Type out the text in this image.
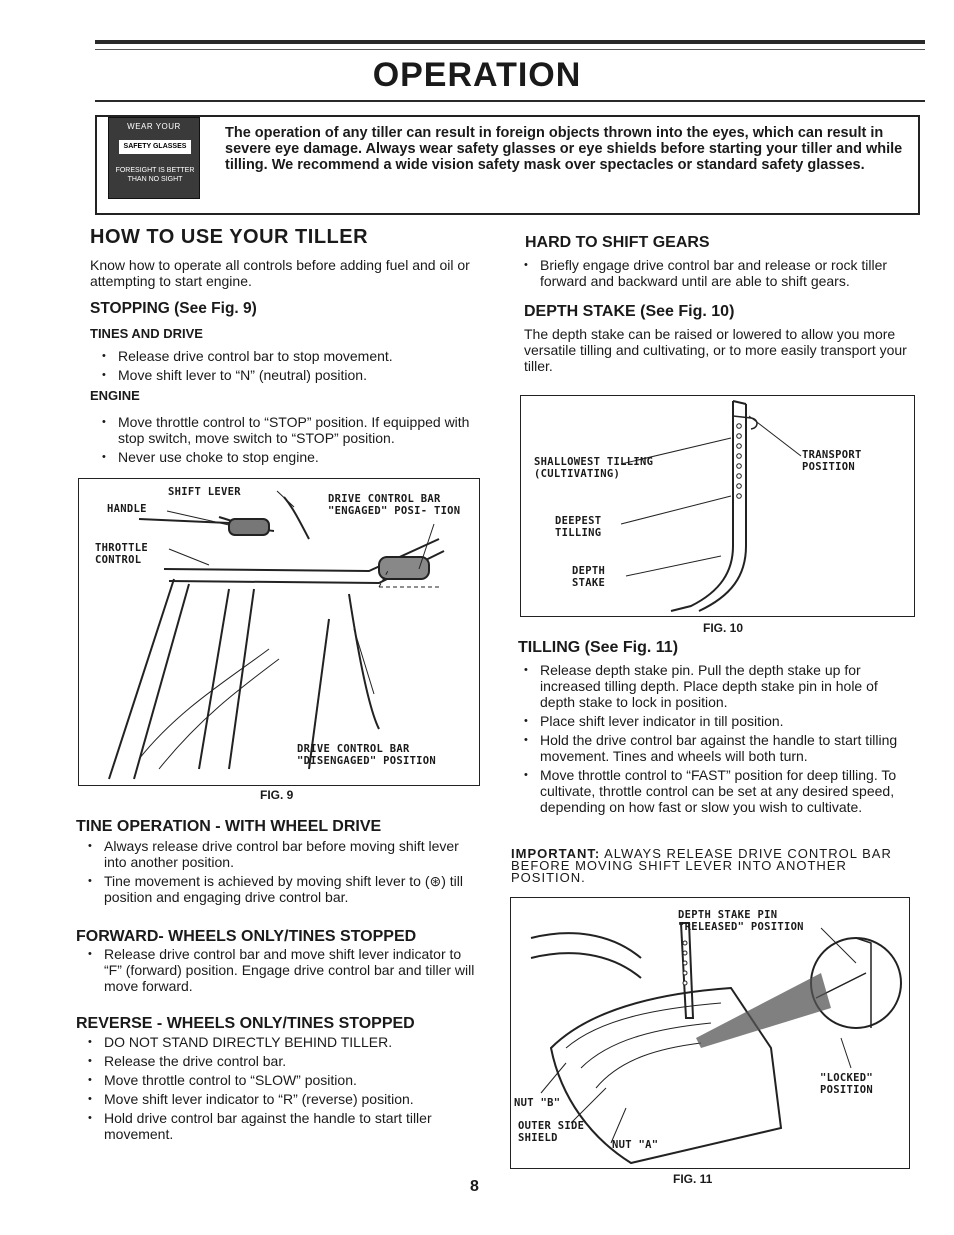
OPERATION
WEAR YOUR
SAFETY GLASSES
FORESIGHT IS BETTER THAN NO SIGHT
The operation of any tiller can result in foreign objects thrown into the eyes, which can result in severe eye damage. Always wear safety glasses or eye shields before starting your tiller and while tilling. We recommend a wide vision safety mask over spectacles or standard safety glasses.
HOW TO USE YOUR TILLER
Know how to operate all controls before adding fuel and oil or attempting to start engine.
STOPPING (See Fig. 9)
TINES AND DRIVE
• Release drive control bar to stop movement.
• Move shift lever to “N” (neutral) position.
ENGINE
• Move throttle control to “STOP” position. If equipped with stop switch, move switch to “STOP” position.
• Never use choke to stop engine.
SHIFT LEVER
HANDLE
DRIVE CONTROL BAR "ENGAGED" POSI- TION
THROTTLE CONTROL
DRIVE CONTROL BAR "DISENGAGED" POSITION
FIG. 9
TINE OPERATION - WITH WHEEL DRIVE
• Always release drive control bar before moving shift lever into another position.
• Tine movement is achieved by moving shift lever to (⊛) till position and engaging drive control bar.
FORWARD- WHEELS ONLY/TINES STOPPED
• Release drive control bar and move shift lever indicator to “F” (forward) position. Engage drive control bar and tiller will move forward.
REVERSE - WHEELS ONLY/TINES STOPPED
• DO NOT STAND DIRECTLY BEHIND TILLER.
• Release the drive control bar.
• Move throttle control to “SLOW” position.
• Move shift lever indicator to “R” (reverse) position.
• Hold drive control bar against the handle to start tiller movement.
HARD TO SHIFT GEARS
• Briefly engage drive control bar and release or rock tiller forward and backward until are able to shift gears.
DEPTH STAKE (See Fig. 10)
The depth stake can be raised or lowered to allow you more versatile tilling and cultivating, or to more easily transport your tiller.
SHALLOWEST TILLING (CULTIVATING)
TRANSPORT POSITION
DEEPEST TILLING
DEPTH STAKE
FIG. 10
TILLING (See Fig. 11)
• Release depth stake pin. Pull the depth stake up for increased tilling depth. Place depth stake pin in hole of depth stake to lock in position.
• Place shift lever indicator in till position.
• Hold the drive control bar against the handle to start tilling movement. Tines and wheels will both turn.
• Move throttle control to “FAST” position for deep tilling. To cultivate, throttle control can be set at any desired speed, depending on how fast or slow you wish to cultivate.
IMPORTANT: ALWAYS RELEASE DRIVE CONTROL BAR BEFORE MOVING SHIFT LEVER INTO ANOTHER POSITION.
DEPTH STAKE PIN "RELEASED" POSITION
"LOCKED" POSITION
NUT "B"
OUTER SIDE SHIELD
NUT "A"
FIG. 11
8
